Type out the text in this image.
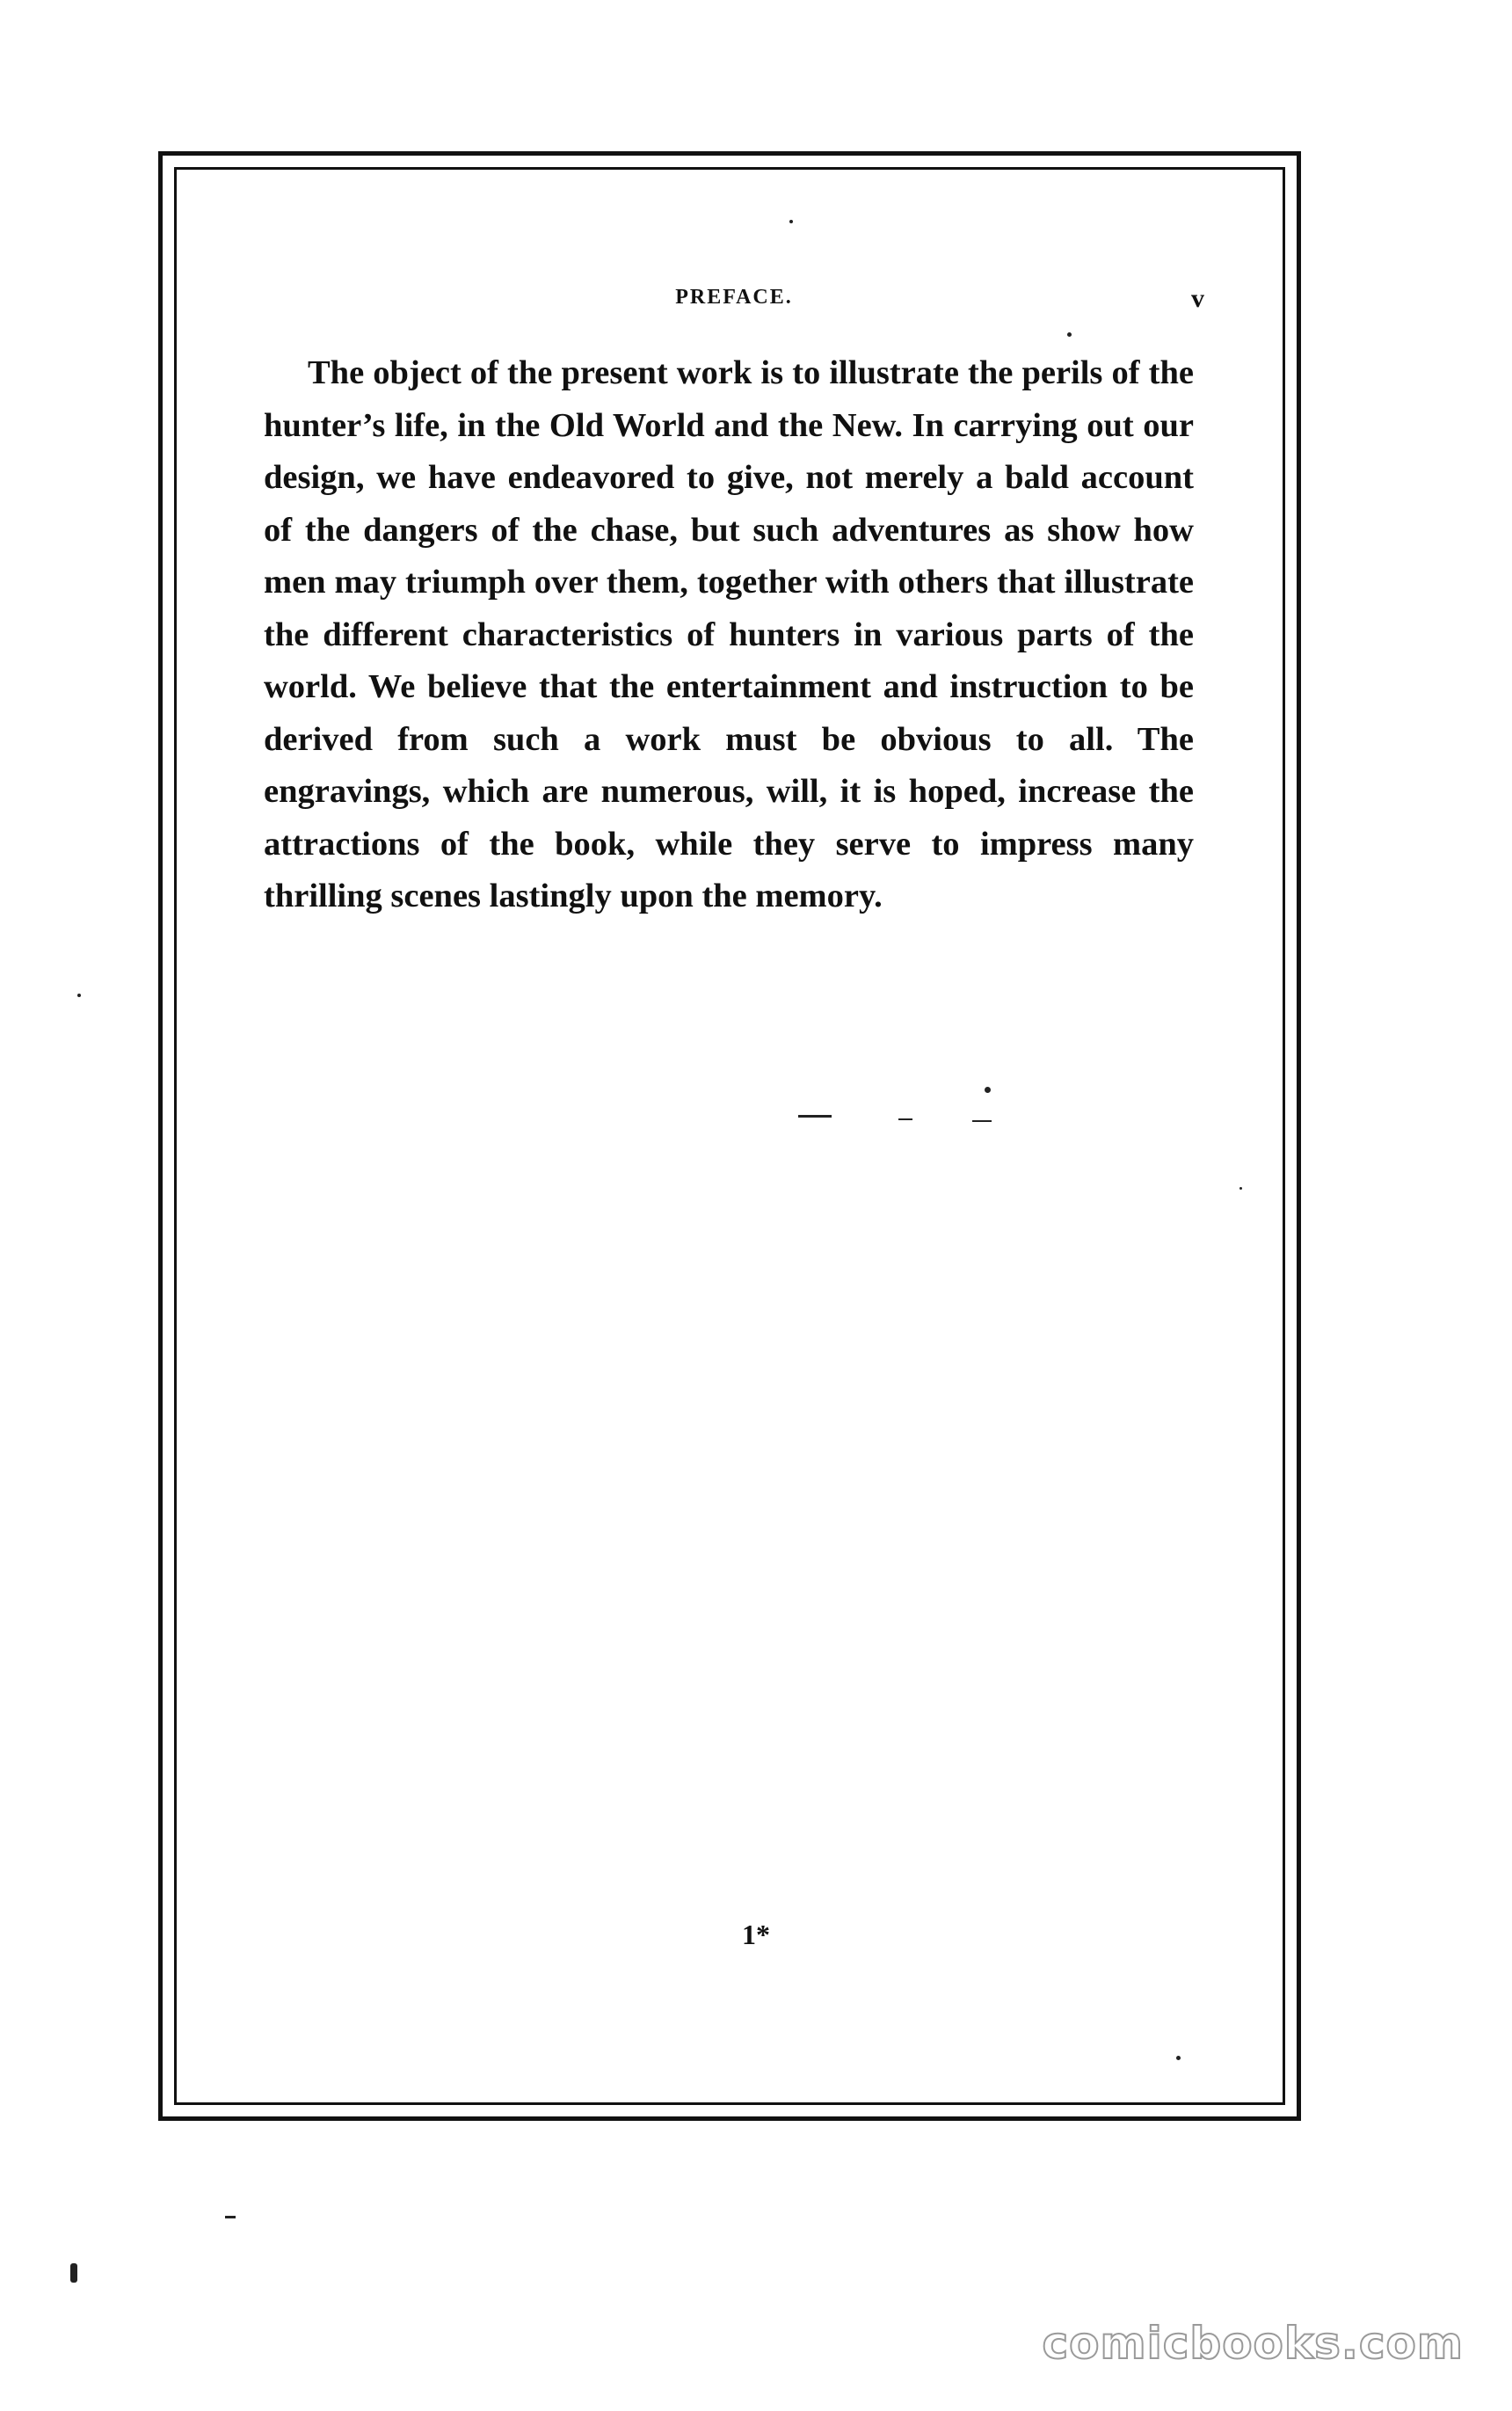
PREFACE.	v

The object of the present work is to illustrate the perils of the hunter’s life, in the Old World and the New. In carrying out our design, we have endeavored to give, not merely a bald account of the dangers of the chase, but such adventures as show how men may triumph over them, together with others that illustrate the different characteristics of hunters in various parts of the world. We believe that the entertainment and instruction to be derived from such a work must be obvious to all. The engravings, which are numerous, will, it is hoped, increase the attractions of the book, while they serve to impress many thrilling scenes lastingly upon the memory.

1*
comicbooks.com
